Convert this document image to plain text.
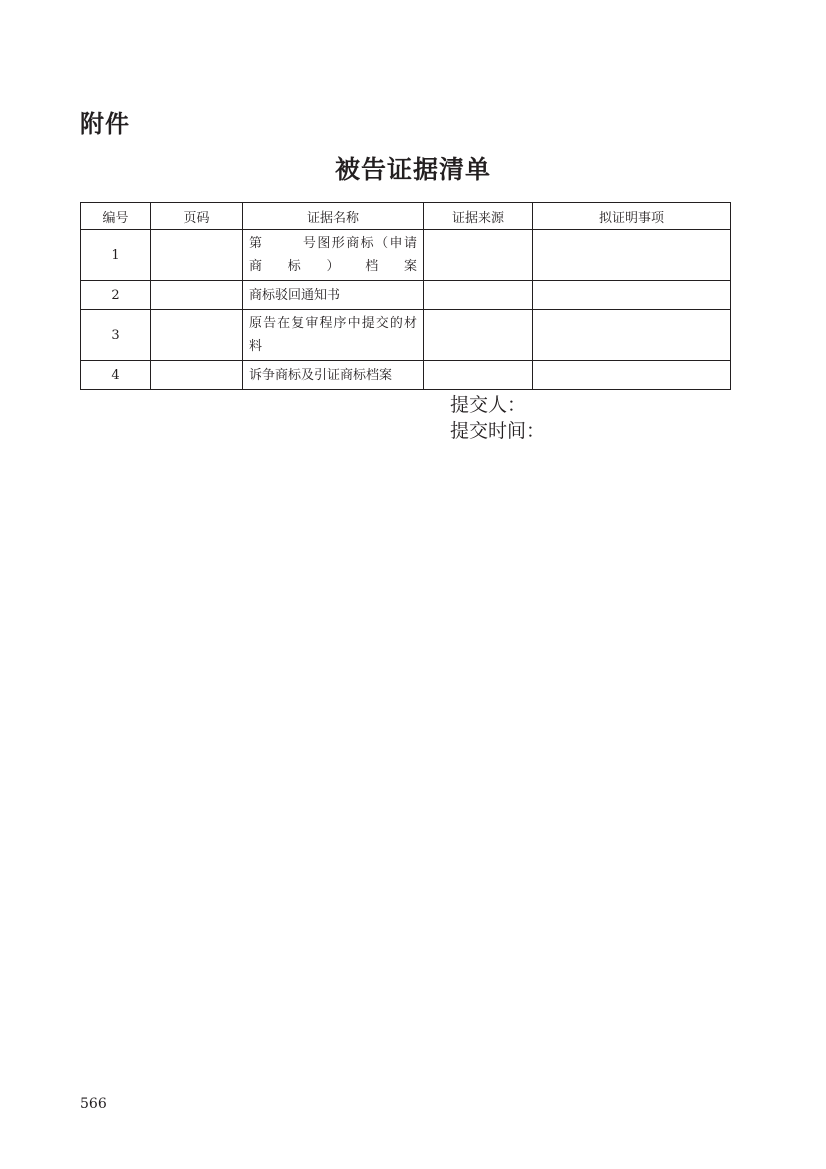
附件
被告证据清单
编号	页码	证据名称	证据来源	拟证明事项
1		第 号图形商标（申请商标）档案		
2		商标驳回通知书		
3		原告在复审程序中提交的材料		
4		诉争商标及引证商标档案		
提交人：
提交时间：
566
